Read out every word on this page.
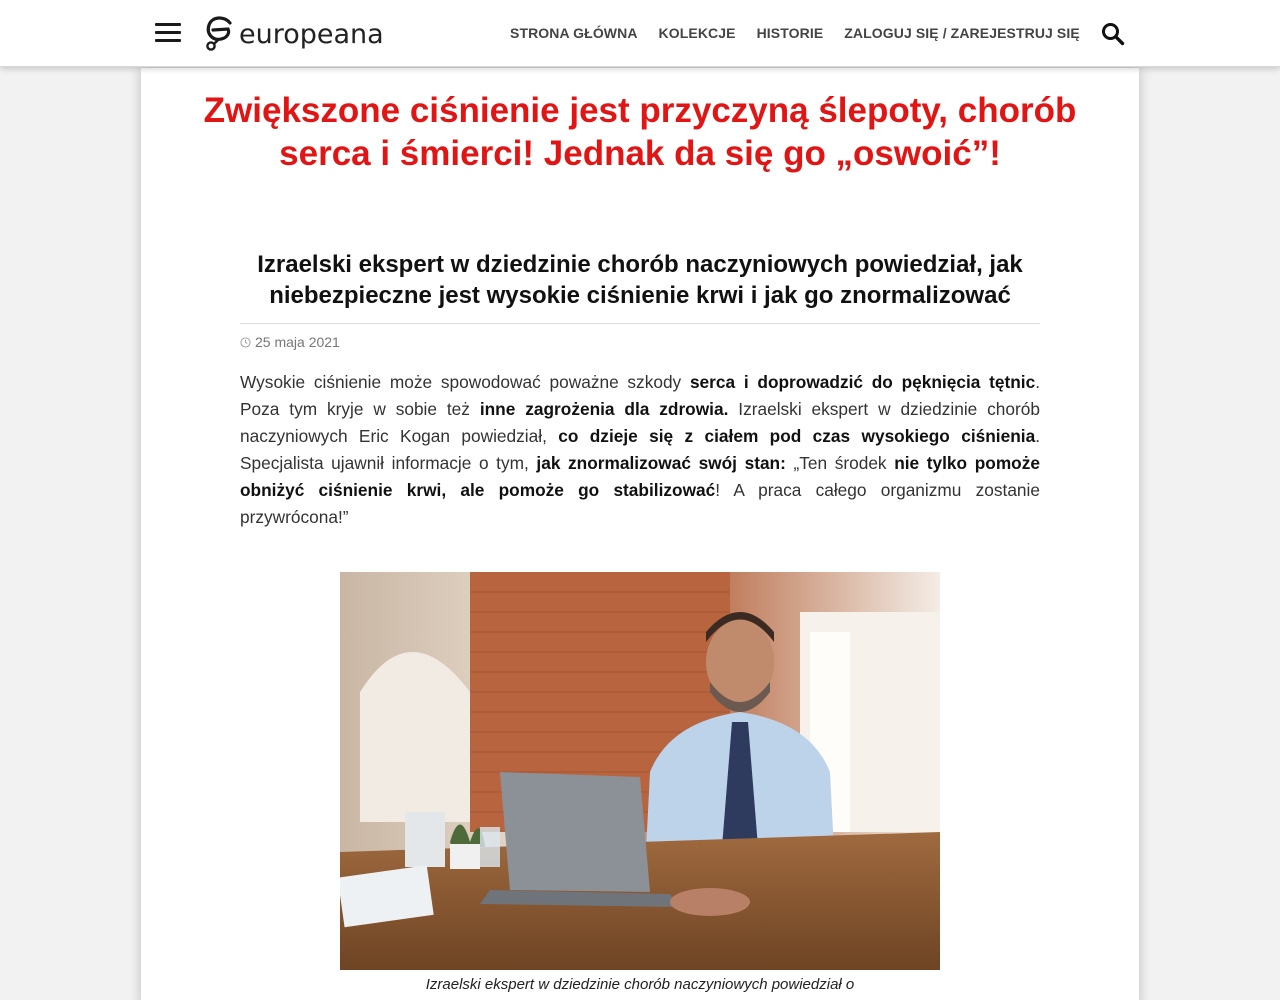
europeana	STRONA GŁÓWNA KOLEKCJE HISTORIE ZALOGUJ SIĘ / ZAREJESTRUJ SIĘ
Zwiększone ciśnienie jest przyczyną ślepoty, chorób serca i śmierci! Jednak da się go „oswoić”!
Izraelski ekspert w dziedzinie chorób naczyniowych powiedział, jak niebezpieczne jest wysokie ciśnienie krwi i jak go znormalizować
25 maja 2021

Wysokie ciśnienie może spowodować poważne szkody serca i doprowadzić do pęknięcia tętnic. Poza tym kryje w sobie też inne zagrożenia dla zdrowia. Izraelski ekspert w dziedzinie chorób naczyniowych Eric Kogan powiedział, co dzieje się z ciałem pod czas wysokiego ciśnienia. Specjalista ujawnił informacje o tym, jak znormalizować swój stan: „Ten środek nie tylko pomoże obniżyć ciśnienie krwi, ale pomoże go stabilizować! A praca całego organizmu zostanie przywrócona!”

Izraelski ekspert w dziedzinie chorób naczyniowych powiedział o
